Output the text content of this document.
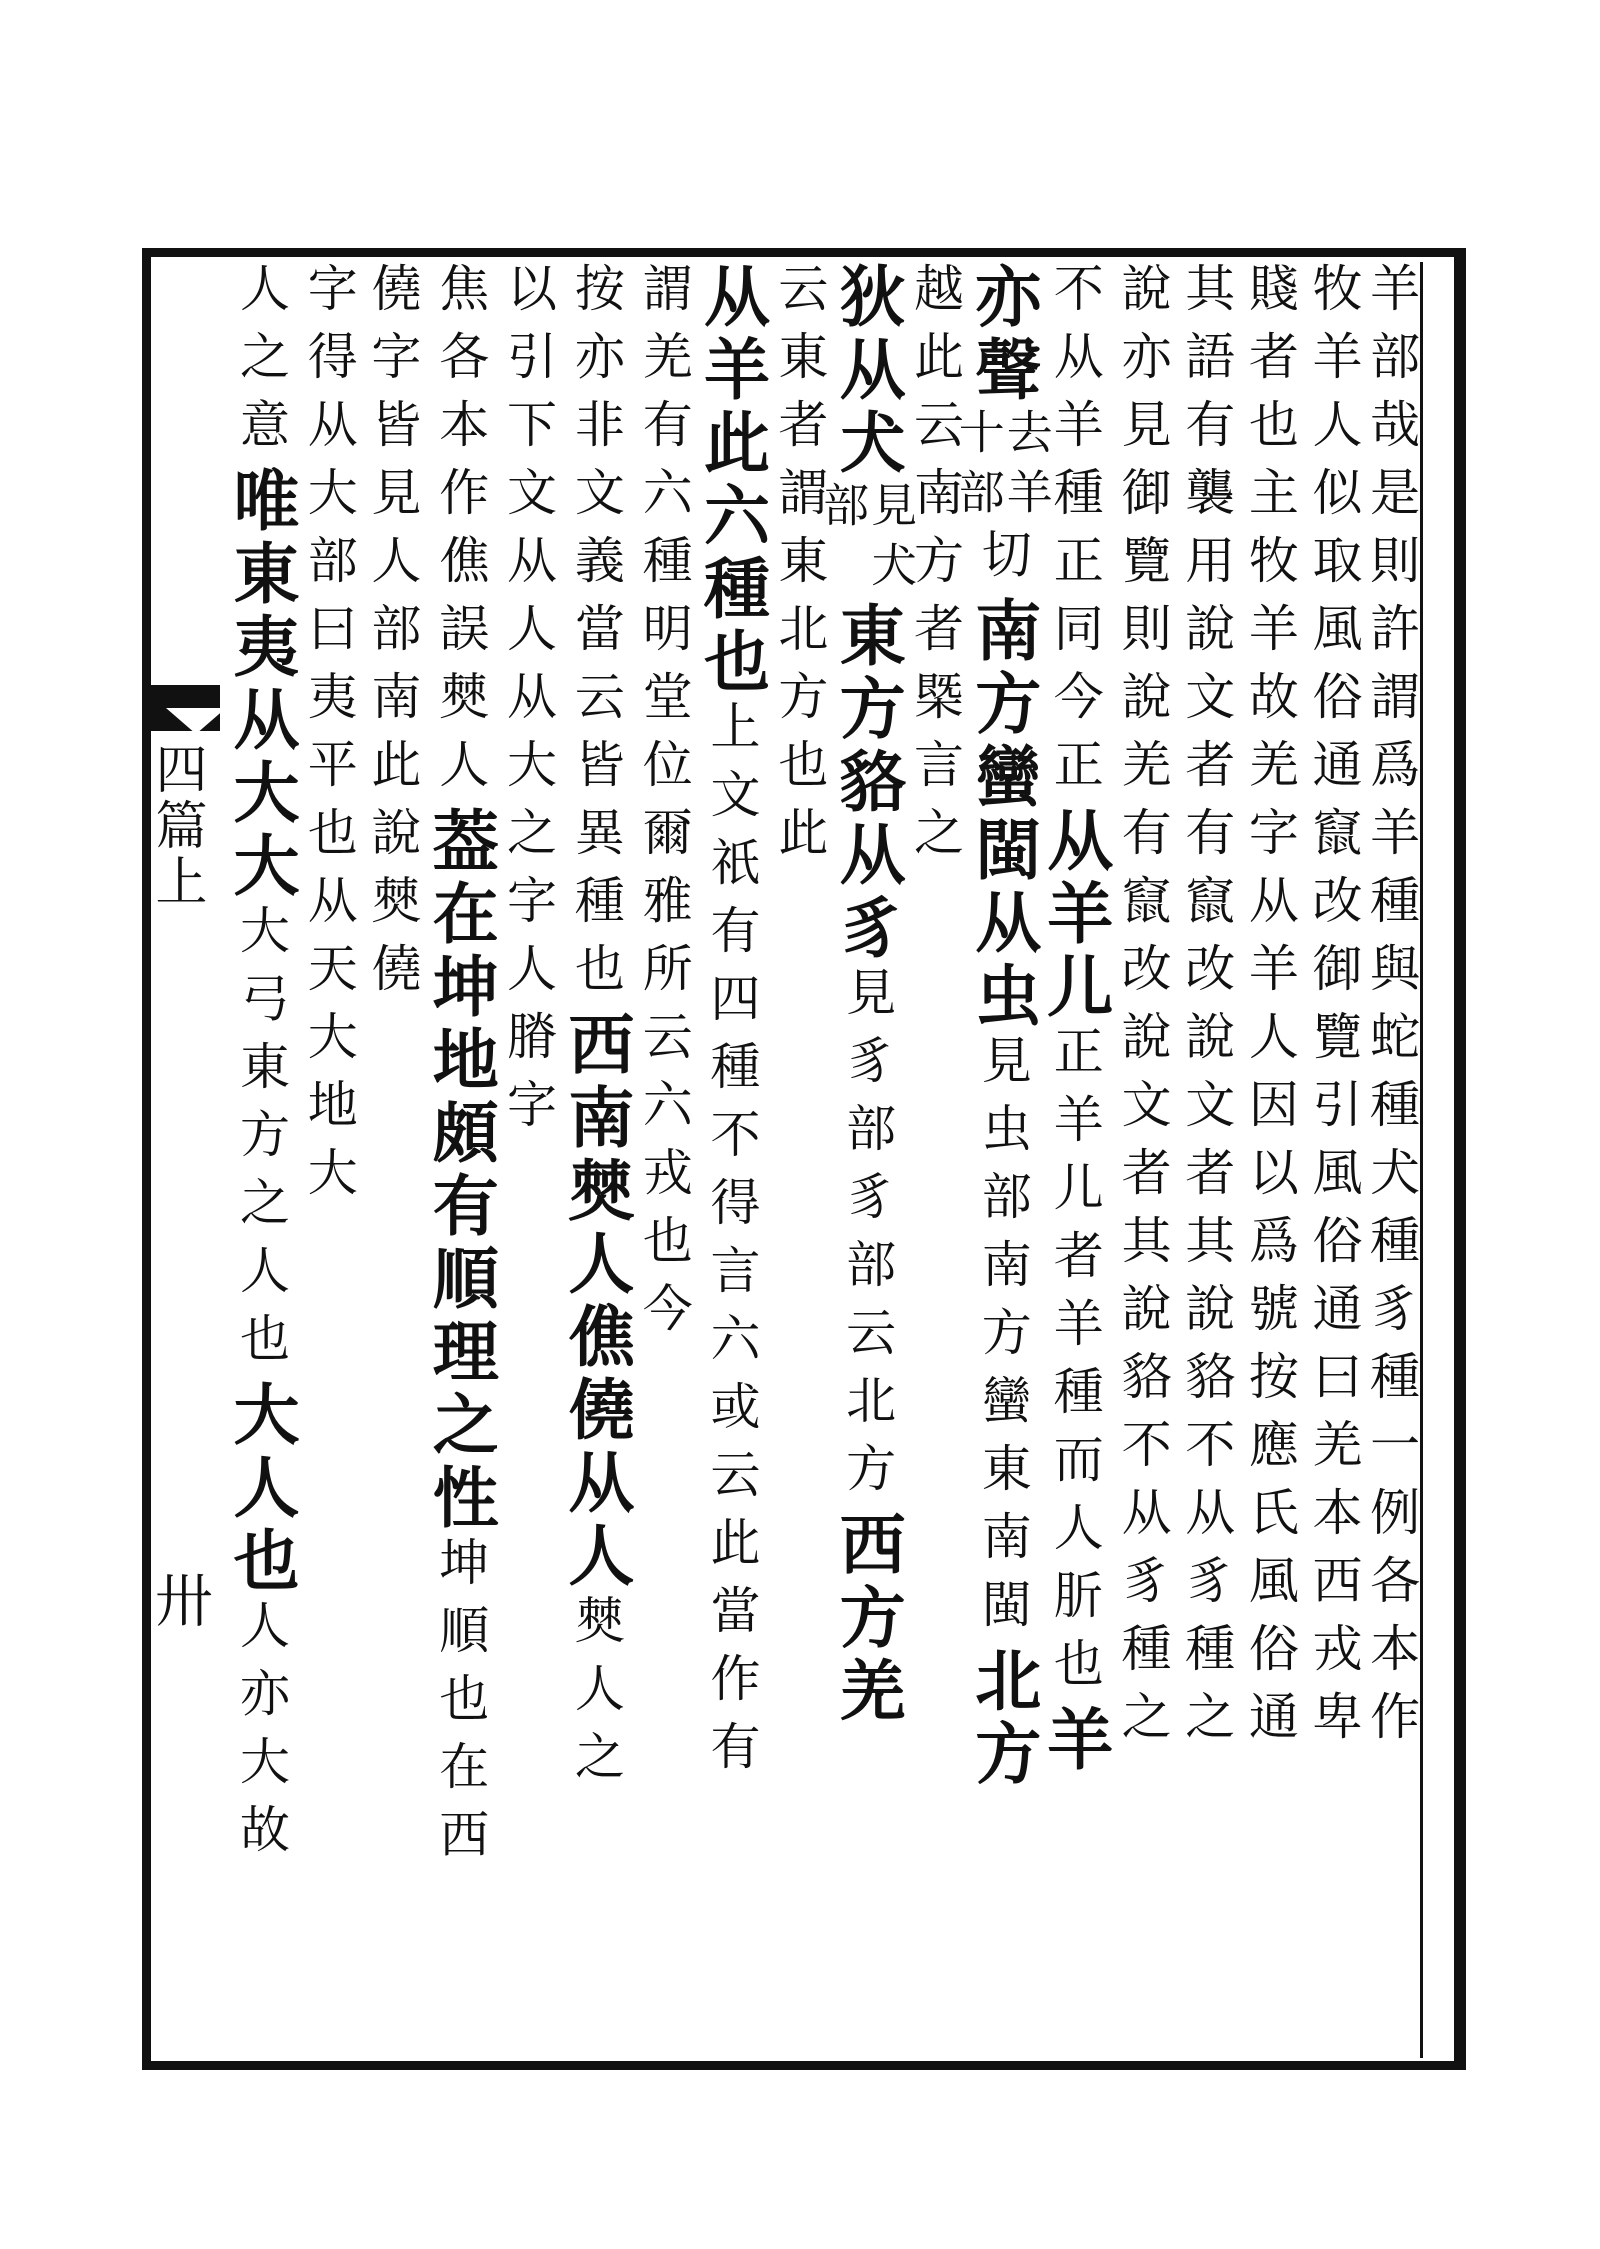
四篇上
卅	羊部哉是則許謂爲羊種與蛇種犬種豸種一例各本作
牧羊人似取風俗通竄改御覽引風俗通曰羌本西戎卑
賤者也主牧羊故羌字从羊人因以爲號按應氏風俗通
其語有襲用說文者有竄改說文者其說貉不从豸種之
說亦見御覽則說羌有竄改說文者其說貉不从豸種之
不从羊種正同今正
从羊儿
正羊儿者羊種而人肵也
羊
亦聲
去羊
十部
切
南方蠻閩从虫
見虫部南方蠻東南閩
北方
越此云南方者槩言之
狄从犬
見犬
部
東方貉从豸
見豸部豸部云北方
西方羌
云東者謂東北方也此
从羊此六種也
上文祇有四種不得言六或云此當作有
謂羌有六種明堂位爾雅所云六戎也今
按亦非文義當云皆異種也
西南僰人僬僥从人
僰人之
以引下文从人从大之字
人膌字
焦各本作僬誤僰人
葢在坤地頗有順理之性
坤順也在西
僥字皆見人部
南此說僰僥
字得从
大部曰夷平也从
天大地大
人之意
唯東夷从大大
大弓東方之人也
大人也
人亦大故
